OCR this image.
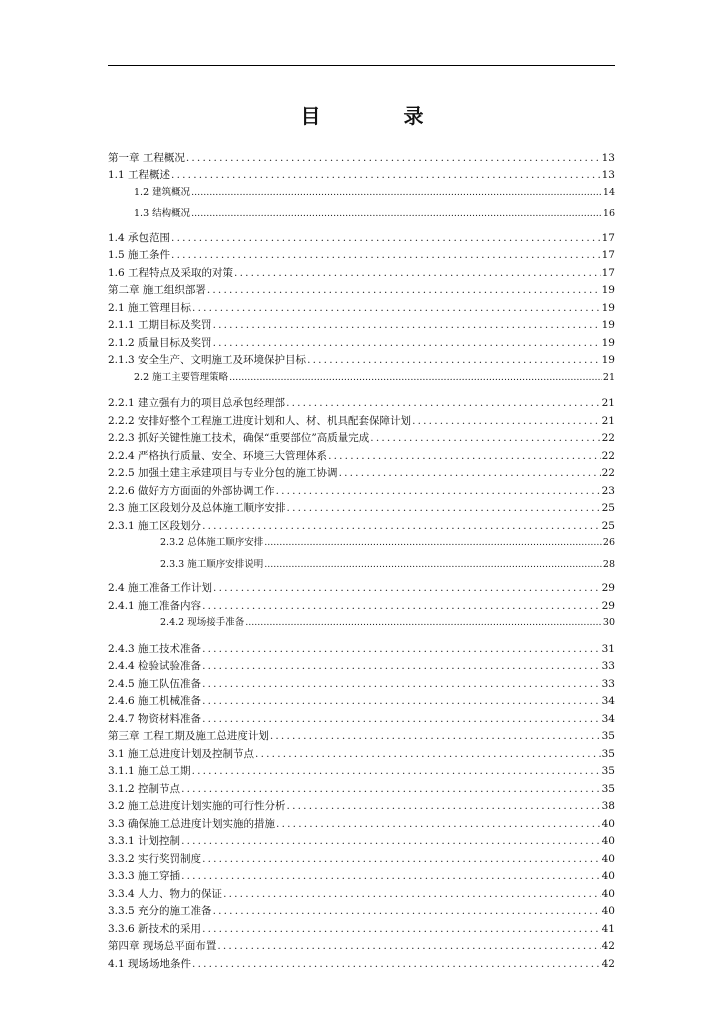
目 录
第一章 工程概况 .....	13
1.1 工程概述 .....	13
1.2 建筑概况 .....	14
1.3 结构概况 .....	16
1.4 承包范围 .....	17
1.5 施工条件 .....	17
1.6 工程特点及采取的对策 .....	17
第二章 施工组织部署 .....	19
2.1 施工管理目标 .....	19
2.1.1 工期目标及奖罚 .....	19
2.1.2 质量目标及奖罚 .....	19
2.1.3 安全生产、文明施工及环境保护目标 .....	19
2.2 施工主要管理策略 .....	21
2.2.1 建立强有力的项目总承包经理部 .....	21
2.2.2 安排好整个工程施工进度计划和人、材、机具配套保障计划 .....	21
2.2.3 抓好关键性施工技术，确保“重要部位”高质量完成 .....	22
2.2.4 严格执行质量、安全、环境三大管理体系 .....	22
2.2.5 加强土建主承建项目与专业分包的施工协调 .....	22
2.2.6 做好方方面面的外部协调工作 .....	23
2.3 施工区段划分及总体施工顺序安排 .....	25
2.3.1 施工区段划分 .....	25
2.3.2 总体施工顺序安排 .....	26
2.3.3 施工顺序安排说明 .....	28
2.4 施工准备工作计划 .....	29
2.4.1 施工准备内容 .....	29
2.4.2 现场接手准备 .....	30
2.4.3 施工技术准备 .....	31
2.4.4 检验试验准备 .....	33
2.4.5 施工队伍准备 .....	33
2.4.6 施工机械准备 .....	34
2.4.7 物资材料准备 .....	34
第三章 工程工期及施工总进度计划 .....	35
3.1 施工总进度计划及控制节点 .....	35
3.1.1 施工总工期 .....	35
3.1.2 控制节点 .....	35
3.2 施工总进度计划实施的可行性分析 .....	38
3.3 确保施工总进度计划实施的措施 .....	40
3.3.1 计划控制 .....	40
3.3.2 实行奖罚制度 .....	40
3.3.3 施工穿插 .....	40
3.3.4 人力、物力的保证 .....	40
3.3.5 充分的施工准备 .....	40
3.3.6 新技术的采用 .....	41
第四章 现场总平面布置 .....	42
4.1 现场场地条件 .....	42
